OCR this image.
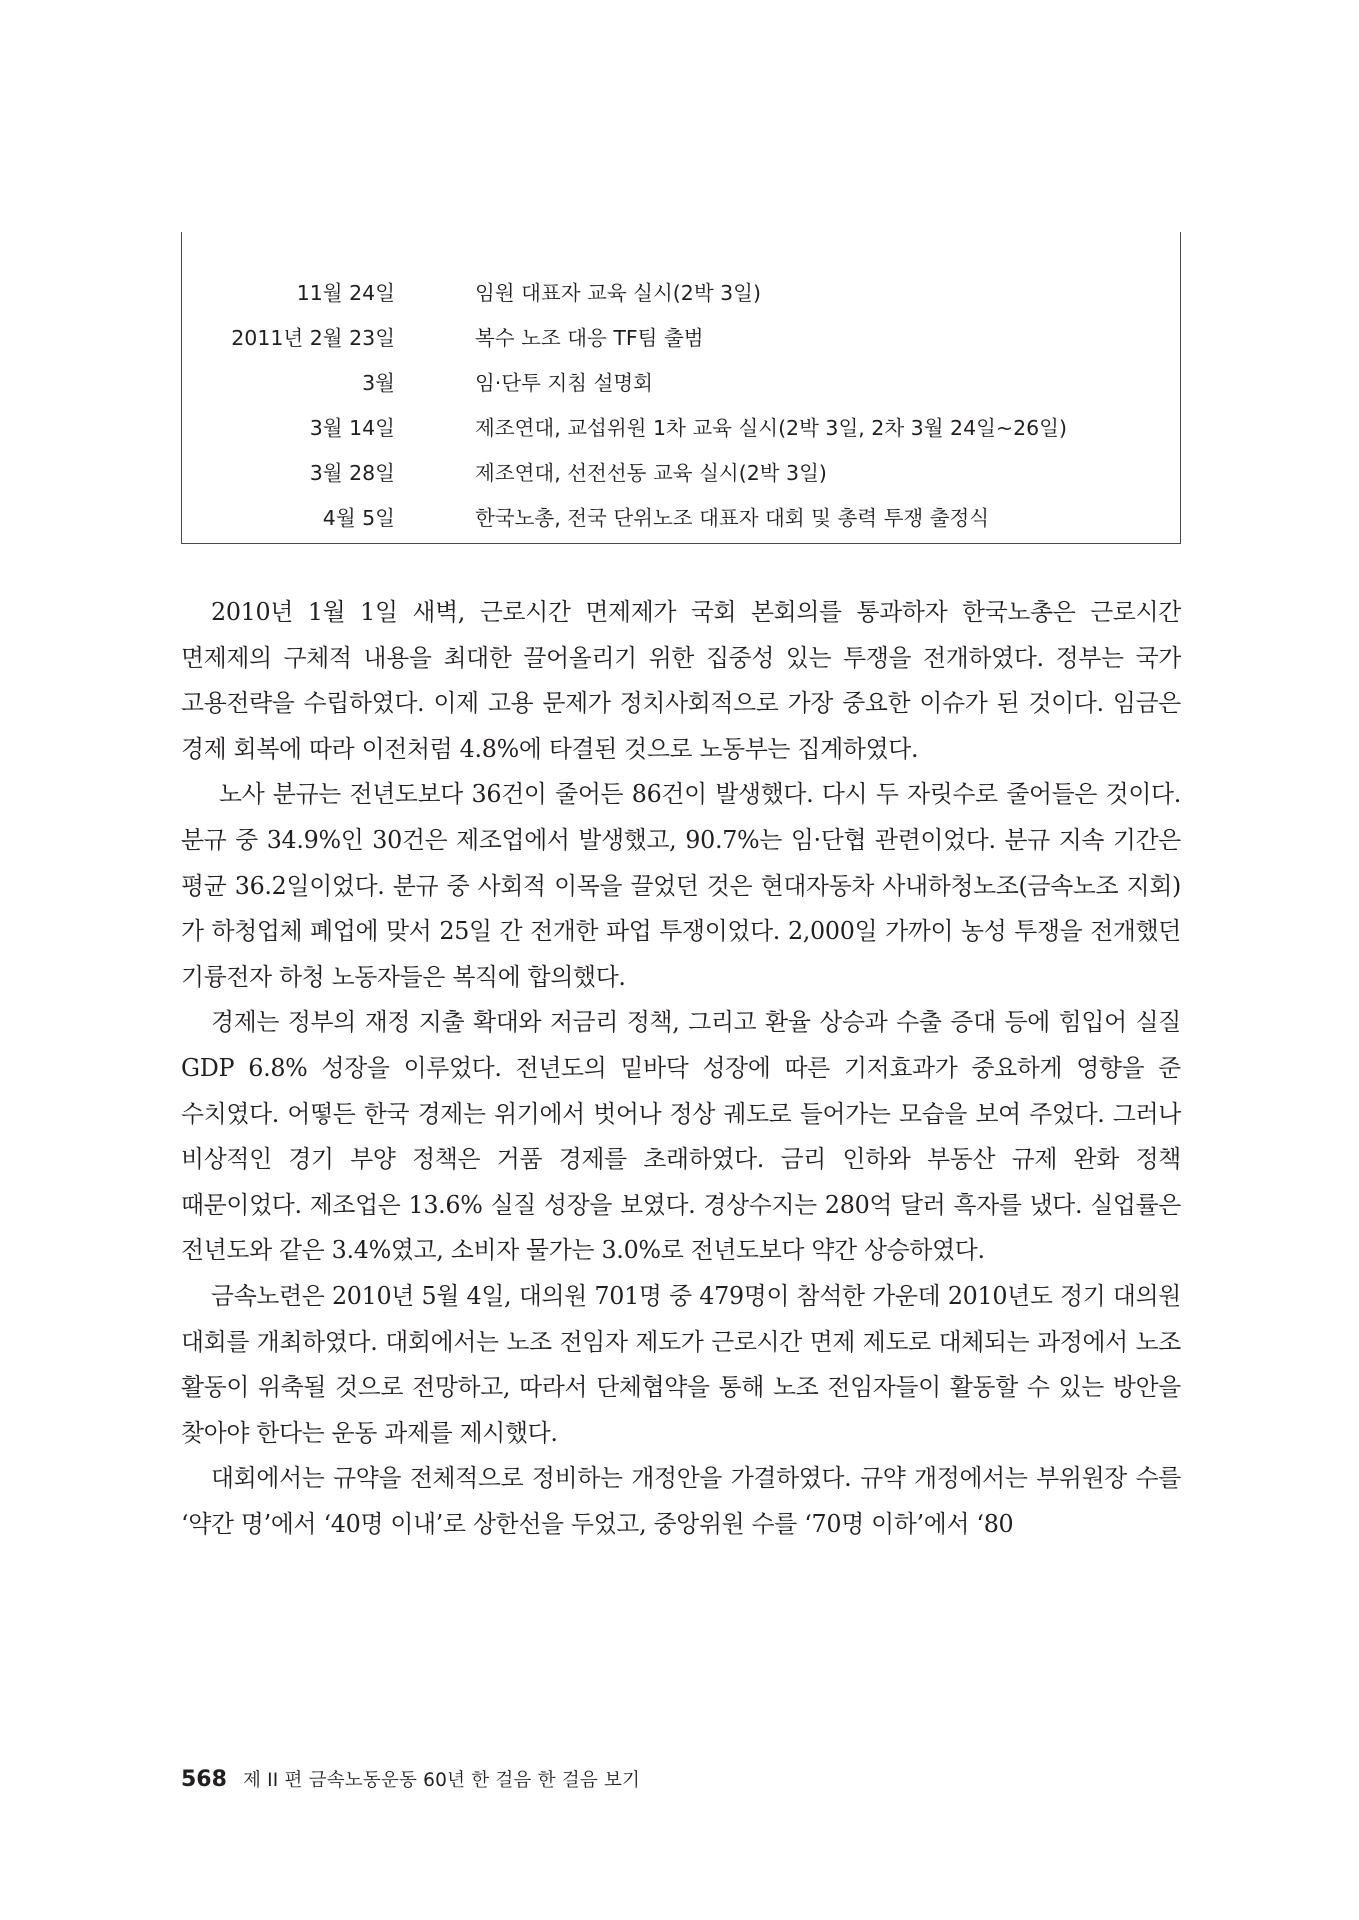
11월 24일	임원 대표자 교육 실시(2박 3일)
2011년 2월 23일	복수 노조 대응 TF팀 출범
3월	임·단투 지침 설명회
3월 14일	제조연대, 교섭위원 1차 교육 실시(2박 3일, 2차 3월 24일~26일)
3월 28일	제조연대, 선전선동 교육 실시(2박 3일)
4월 5일	한국노총, 전국 단위노조 대표자 대회 및 총력 투쟁 출정식

2010년 1월 1일 새벽, 근로시간 면제제가 국회 본회의를 통과하자 한국노총은 근로시간 면제제의 구체적 내용을 최대한 끌어올리기 위한 집중성 있는 투쟁을 전개하였다. 정부는 국가 고용전략을 수립하였다. 이제 고용 문제가 정치사회적으로 가장 중요한 이슈가 된 것이다. 임금은 경제 회복에 따라 이전처럼 4.8%에 타결된 것으로 노동부는 집계하였다.

노사 분규는 전년도보다 36건이 줄어든 86건이 발생했다. 다시 두 자릿수로 줄어들은 것이다. 분규 중 34.9%인 30건은 제조업에서 발생했고, 90.7%는 임·단협 관련이었다. 분규 지속 기간은 평균 36.2일이었다. 분규 중 사회적 이목을 끌었던 것은 현대자동차 사내하청노조(금속노조 지회)가 하청업체 폐업에 맞서 25일 간 전개한 파업 투쟁이었다. 2,000일 가까이 농성 투쟁을 전개했던 기륭전자 하청 노동자들은 복직에 합의했다.

경제는 정부의 재정 지출 확대와 저금리 정책, 그리고 환율 상승과 수출 증대 등에 힘입어 실질 GDP 6.8% 성장을 이루었다. 전년도의 밑바닥 성장에 따른 기저효과가 중요하게 영향을 준 수치였다. 어떻든 한국 경제는 위기에서 벗어나 정상 궤도로 들어가는 모습을 보여 주었다. 그러나 비상적인 경기 부양 정책은 거품 경제를 초래하였다. 금리 인하와 부동산 규제 완화 정책 때문이었다. 제조업은 13.6% 실질 성장을 보였다. 경상수지는 280억 달러 흑자를 냈다. 실업률은 전년도와 같은 3.4%였고, 소비자 물가는 3.0%로 전년도보다 약간 상승하였다.

금속노련은 2010년 5월 4일, 대의원 701명 중 479명이 참석한 가운데 2010년도 정기 대의원 대회를 개최하였다. 대회에서는 노조 전임자 제도가 근로시간 면제 제도로 대체되는 과정에서 노조 활동이 위축될 것으로 전망하고, 따라서 단체협약을 통해 노조 전임자들이 활동할 수 있는 방안을 찾아야 한다는 운동 과제를 제시했다.

대회에서는 규약을 전체적으로 정비하는 개정안을 가결하였다. 규약 개정에서는 부위원장 수를 ‘약간 명’에서 ‘40명 이내’로 상한선을 두었고, 중앙위원 수를 ‘70명 이하’에서 ‘80

568 제 II 편 금속노동운동 60년 한 걸음 한 걸음 보기
